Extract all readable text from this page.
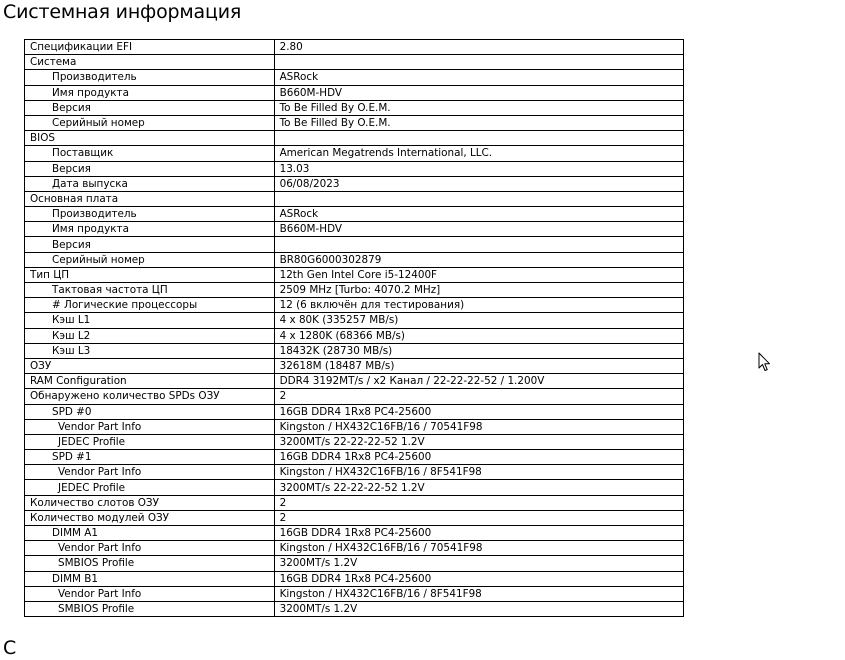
Системная информация
Спецификации EFI	2.80
Система	
Производитель	ASRock
Имя продукта	B660M-HDV
Версия	To Be Filled By O.E.M.
Серийный номер	To Be Filled By O.E.M.
BIOS	
Поставщик	American Megatrends International, LLC.
Версия	13.03
Дата выпуска	06/08/2023
Основная плата	
Производитель	ASRock
Имя продукта	B660M-HDV
Версия	
Серийный номер	BR80G6000302879
Тип ЦП	12th Gen Intel Core i5-12400F
Тактовая частота ЦП	2509 MHz [Turbo: 4070.2 MHz]
# Логические процессоры	12 (6 включён для тестирования)
Кэш L1	4 x 80K (335257 MB/s)
Кэш L2	4 x 1280K (68366 MB/s)
Кэш L3	18432K (28730 MB/s)
ОЗУ	32618M (18487 MB/s)
RAM Configuration	DDR4 3192MT/s / x2 Канал / 22-22-22-52 / 1.200V
Обнаружено количество SPDs ОЗУ	2
SPD #0	16GB DDR4 1Rx8 PC4-25600
Vendor Part Info	Kingston / HX432C16FB/16 / 70541F98
JEDEC Profile	3200MT/s 22-22-22-52 1.2V
SPD #1	16GB DDR4 1Rx8 PC4-25600
Vendor Part Info	Kingston / HX432C16FB/16 / 8F541F98
JEDEC Profile	3200MT/s 22-22-22-52 1.2V
Количество слотов ОЗУ	2
Количество модулей ОЗУ	2
DIMM A1	16GB DDR4 1Rx8 PC4-25600
Vendor Part Info	Kingston / HX432C16FB/16 / 70541F98
SMBIOS Profile	3200MT/s 1.2V
DIMM B1	16GB DDR4 1Rx8 PC4-25600
Vendor Part Info	Kingston / HX432C16FB/16 / 8F541F98
SMBIOS Profile	3200MT/s 1.2V
С
